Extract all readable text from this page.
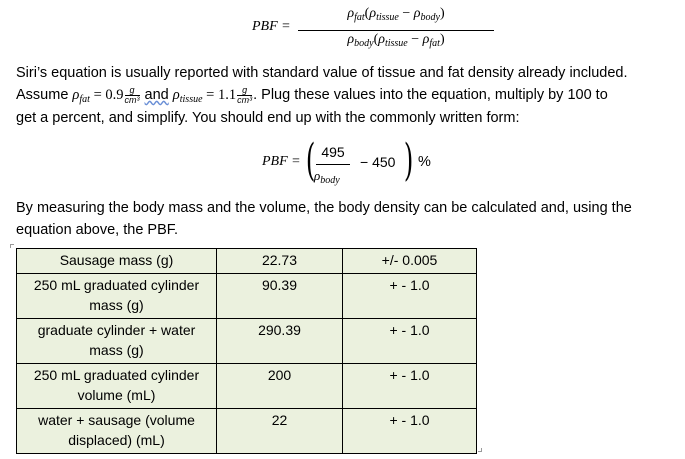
PBF =
$\rho_{fat}(\rho_{tissue} - \rho_{body})$
$\rho_{body}(\rho_{tissue} - \rho_{fat})$
Siri’s equation is usually reported with standard value of tissue and fat density already included.
Assume $\rho_{fat} = 0.9 \frac{g}{\text{cm³}}$ and $\rho_{tissue} = 1.1 \frac{g}{\text{cm³}}$ . Plug these values into the equation, multiply by 100 to
get a percent, and simplify. You should end up with the commonly written form:
PBF = ( 495
$\rho_{body}$
− 450 ) %
By measuring the body mass and the volume, the body density can be calculated and, using the
equation above, the PBF.
Sausage mass (g)	22.73	+/- 0.005
250 mL graduated cylinder
mass (g)	90.39	+ - 1.0
graduate cylinder + water
mass (g)	290.39	+ - 1.0
250 mL graduated cylinder
volume (mL)	200	+ - 1.0
water + sausage (volume
displaced) (mL)	22	+ - 1.0
